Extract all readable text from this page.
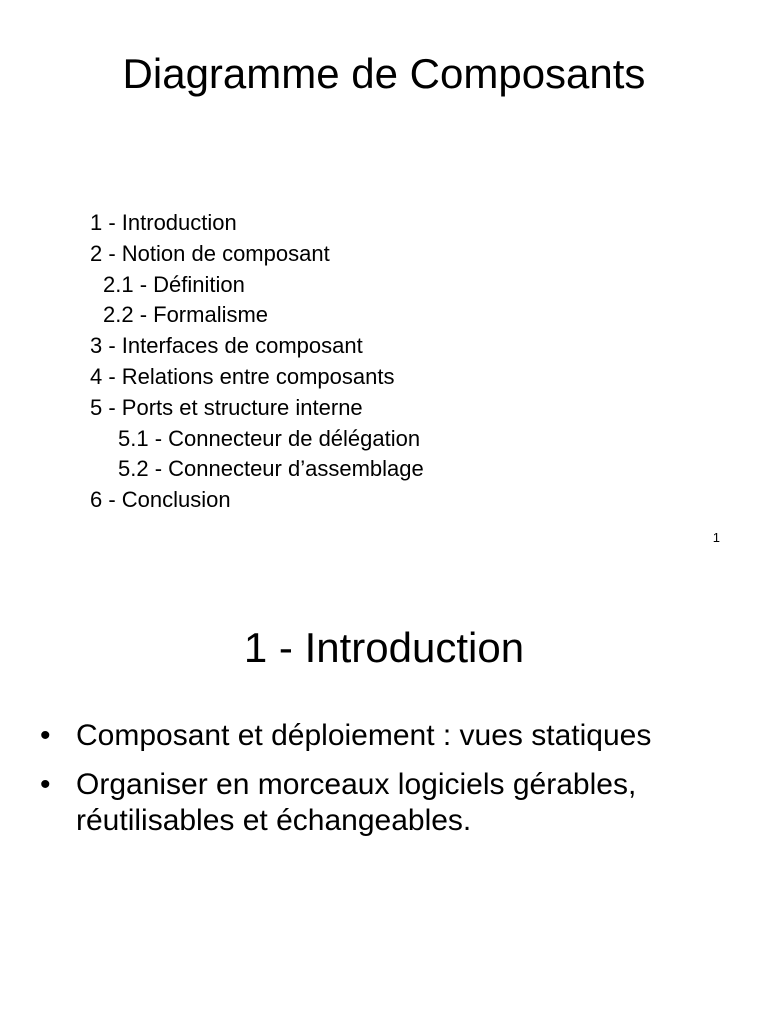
Diagramme de Composants
1 - Introduction
2 - Notion de composant
2.1 - Définition
2.2 - Formalisme
3 - Interfaces de composant
4 - Relations entre composants
5 - Ports et structure interne
5.1 - Connecteur de délégation
5.2 - Connecteur d’assemblage
6 - Conclusion
1
1 - Introduction
• Composant et déploiement : vues statiques
• Organiser en morceaux logiciels gérables, réutilisables et échangeables.
